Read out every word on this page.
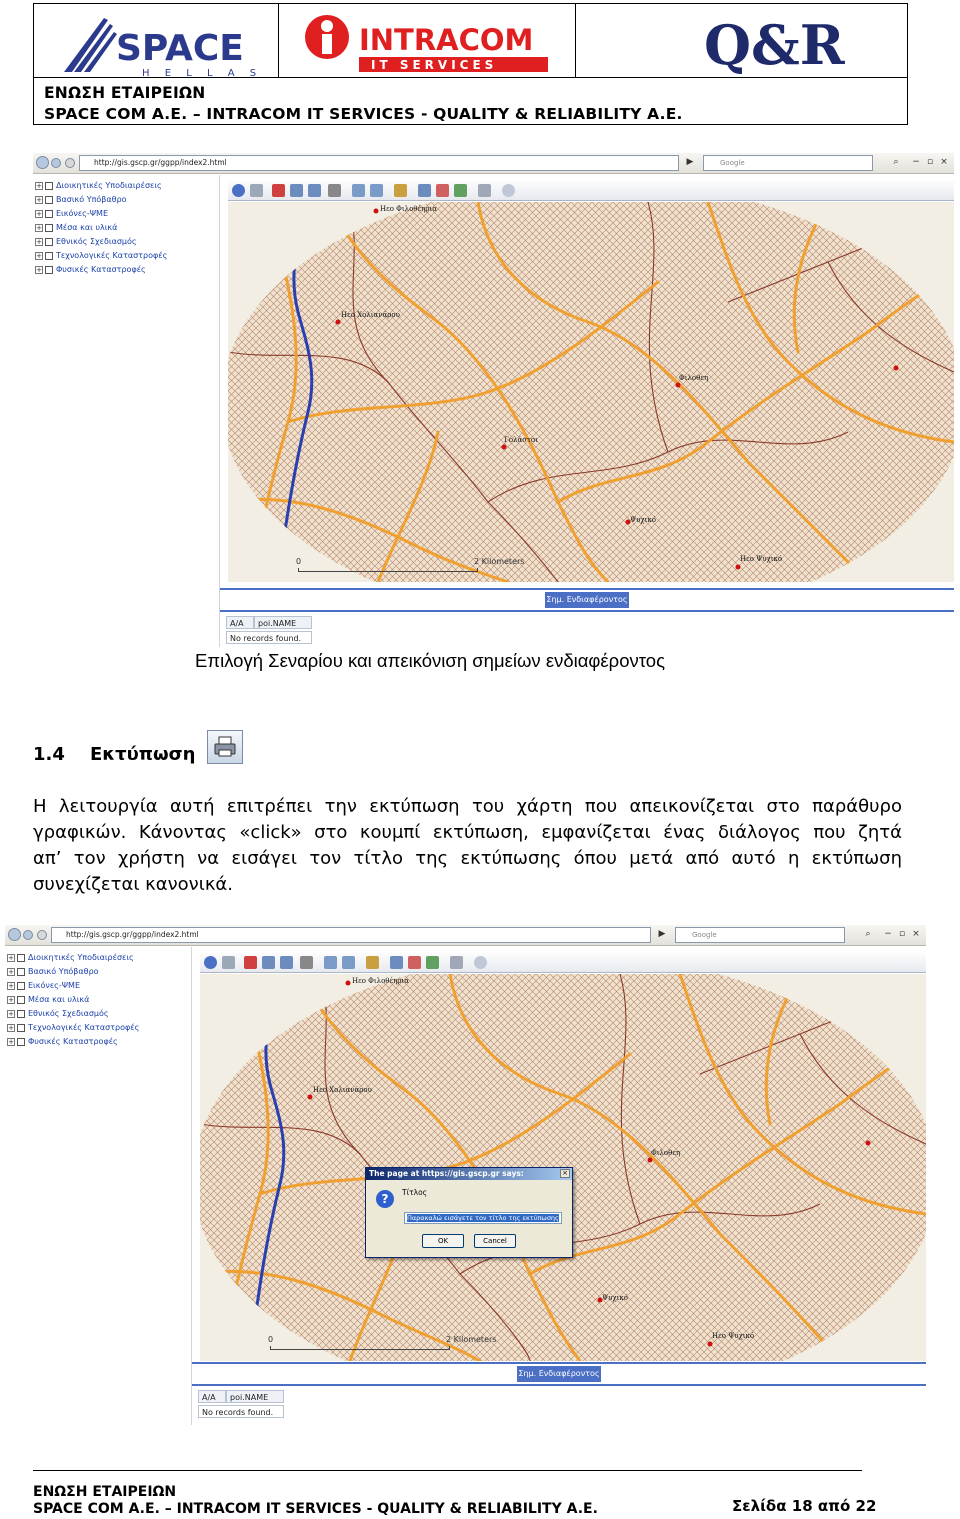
SPACE
H E L L A S
INTRACOM
IT SERVICES	Q&R
ΕΝΩΣΗ ΕΤΑΙΡΕΙΩΝ
SPACE COM A.E. – INTRACOM IT SERVICES - QUALITY & RELIABILITY A.E.
http://gis.gscp.gr/ggpp/index2.html	▶	Google	⌕ − ▫ ×
+ Διοικητικές Υποδιαιρέσεις
+ Βασικό Υπόβαθρο
+ Εικόνες-ΨΜΕ
+ Μέσα και υλικά
+ Εθνικός Σχεδιασμός
+ Τεχνολογικές Καταστροφές
+ Φυσικές Καταστροφές
Ηεο Φιλοθέηρια
Ηεο Χολιανάρου
Φιλοθεη
Γολάστοι
Ψυχικό
Ηεο Ψυχικό
0	2 Kilometers
Σημ. Ενδιαφέροντος
A/A	poi.NAME
No records found.
Επιλογή Σεναρίου και απεικόνιση σημείων ενδιαφέροντος
1.4 Εκτύπωση
Η λειτουργία αυτή επιτρέπει την εκτύπωση του χάρτη που απεικονίζεται στο παράθυρο
γραφικών. Κάνοντας «click» στο κουμπί εκτύπωση, εμφανίζεται ένας διάλογος που ζητά
απ’ τον χρήστη να εισάγει τον τίτλο της εκτύπωσης όπου μετά από αυτό η εκτύπωση
συνεχίζεται κανονικά.
http://gis.gscp.gr/ggpp/index2.html	▶	Google	⌕ − ▫ ×
+ Διοικητικές Υποδιαιρέσεις
+ Βασικό Υπόβαθρο
+ Εικόνες-ΨΜΕ
+ Μέσα και υλικά
+ Εθνικός Σχεδιασμός
+ Τεχνολογικές Καταστροφές
+ Φυσικές Καταστροφές
Ηεο Φιλοθέηρια
Ηεο Χολιανάρου
Φιλοθεη
Ψυχικό
Ηεο Ψυχικό
0	2 Kilometers
Σημ. Ενδιαφέροντος
A/A	poi.NAME
No records found.
The page at https://gis.gscp.gr says:	×
?	Τίτλος
Παρακαλώ εισάγετε τον τίτλο της εκτύπωσης
OK	Cancel
ΕΝΩΣΗ ΕΤΑΙΡΕΙΩΝ
SPACE COM A.E. – INTRACOM IT SERVICES - QUALITY & RELIABILITY A.E.	Σελίδα 18 από 22
